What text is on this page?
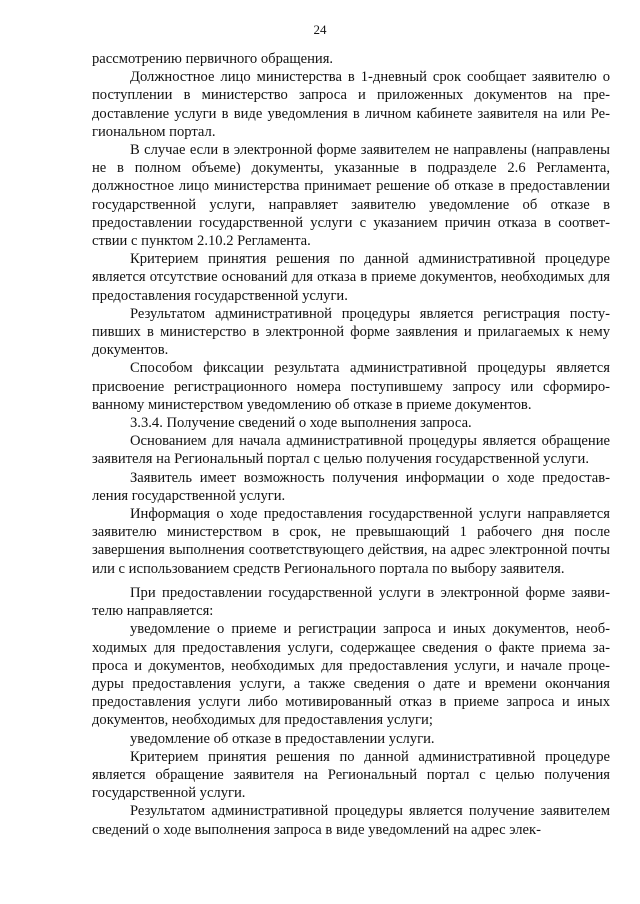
24

рассмотрению первичного обращения.

Должностное лицо министерства в 1-дневный срок сообщает заявителю о поступлении в министерство запроса и приложенных документов на предоставление услуги в виде уведомления в личном кабинете заявителя на или Региональном портал.

В случае если в электронной форме заявителем не направлены (направлены не в полном объеме) документы, указанные в подразделе 2.6 Регламента, должностное лицо министерства принимает решение об отказе в предоставлении государственной услуги, направляет заявителю уведомление об отказе в предоставлении государственной услуги с указанием причин отказа в соответствии с пунктом 2.10.2 Регламента.

Критерием принятия решения по данной административной процедуре является отсутствие оснований для отказа в приеме документов, необходимых для предоставления государственной услуги.

Результатом административной процедуры является регистрация поступивших в министерство в электронной форме заявления и прилагаемых к нему документов.

Способом фиксации результата административной процедуры является присвоение регистрационного номера поступившему запросу или сформированному министерством уведомлению об отказе в приеме документов.

3.3.4. Получение сведений о ходе выполнения запроса.

Основанием для начала административной процедуры является обращение заявителя на Региональный портал с целью получения государственной услуги.

Заявитель имеет возможность получения информации о ходе предоставления государственной услуги.

Информация о ходе предоставления государственной услуги направляется заявителю министерством в срок, не превышающий 1 рабочего дня после завершения выполнения соответствующего действия, на адрес электронной почты или с использованием средств Регионального портала по выбору заявителя.

При предоставлении государственной услуги в электронной форме заявителю направляется:

уведомление о приеме и регистрации запроса и иных документов, необходимых для предоставления услуги, содержащее сведения о факте приема запроса и документов, необходимых для предоставления услуги, и начале процедуры предоставления услуги, а также сведения о дате и времени окончания предоставления услуги либо мотивированный отказ в приеме запроса и иных документов, необходимых для предоставления услуги;

уведомление об отказе в предоставлении услуги.

Критерием принятия решения по данной административной процедуре является обращение заявителя на Региональный портал с целью получения государственной услуги.

Результатом административной процедуры является получение заявителем сведений о ходе выполнения запроса в виде уведомлений на адрес элек-
